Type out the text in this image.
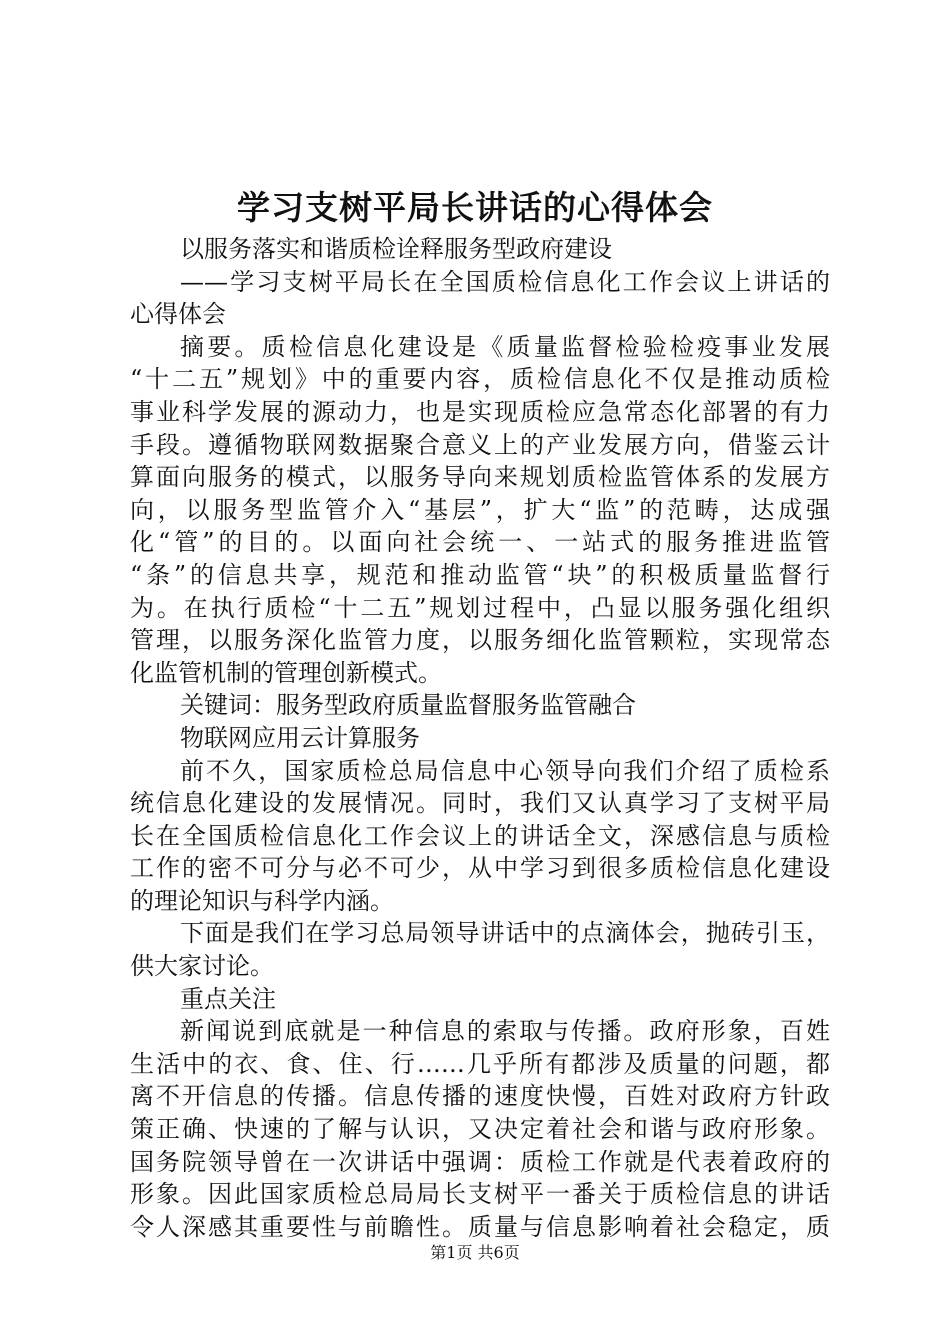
学习支树平局长讲话的心得体会
以服务落实和谐质检诠释服务型政府建设
——学习支树平局长在全国质检信息化工作会议上讲话的
心得体会
摘要。质检信息化建设是《质量监督检验检疫事业发展
“十二五”规划》中的重要内容，质检信息化不仅是推动质检
事业科学发展的源动力，也是实现质检应急常态化部署的有力
手段。遵循物联网数据聚合意义上的产业发展方向，借鉴云计
算面向服务的模式，以服务导向来规划质检监管体系的发展方
向，以服务型监管介入“基层”，扩大“监”的范畴，达成强
化“管”的目的。以面向社会统一、一站式的服务推进监管
“条”的信息共享，规范和推动监管“块”的积极质量监督行
为。在执行质检“十二五”规划过程中，凸显以服务强化组织
管理，以服务深化监管力度，以服务细化监管颗粒，实现常态
化监管机制的管理创新模式。
关键词：服务型政府质量监督服务监管融合
物联网应用云计算服务
前不久，国家质检总局信息中心领导向我们介绍了质检系
统信息化建设的发展情况。同时，我们又认真学习了支树平局
长在全国质检信息化工作会议上的讲话全文，深感信息与质检
工作的密不可分与必不可少，从中学习到很多质检信息化建设
的理论知识与科学内涵。
下面是我们在学习总局领导讲话中的点滴体会，抛砖引玉，
供大家讨论。
重点关注
新闻说到底就是一种信息的索取与传播。政府形象，百姓
生活中的衣、食、住、行……几乎所有都涉及质量的问题，都
离不开信息的传播。信息传播的速度快慢，百姓对政府方针政
策正确、快速的了解与认识，又决定着社会和谐与政府形象。
国务院领导曾在一次讲话中强调：质检工作就是代表着政府的
形象。因此国家质检总局局长支树平一番关于质检信息的讲话
令人深感其重要性与前瞻性。质量与信息影响着社会稳定，质
第1页 共6页
